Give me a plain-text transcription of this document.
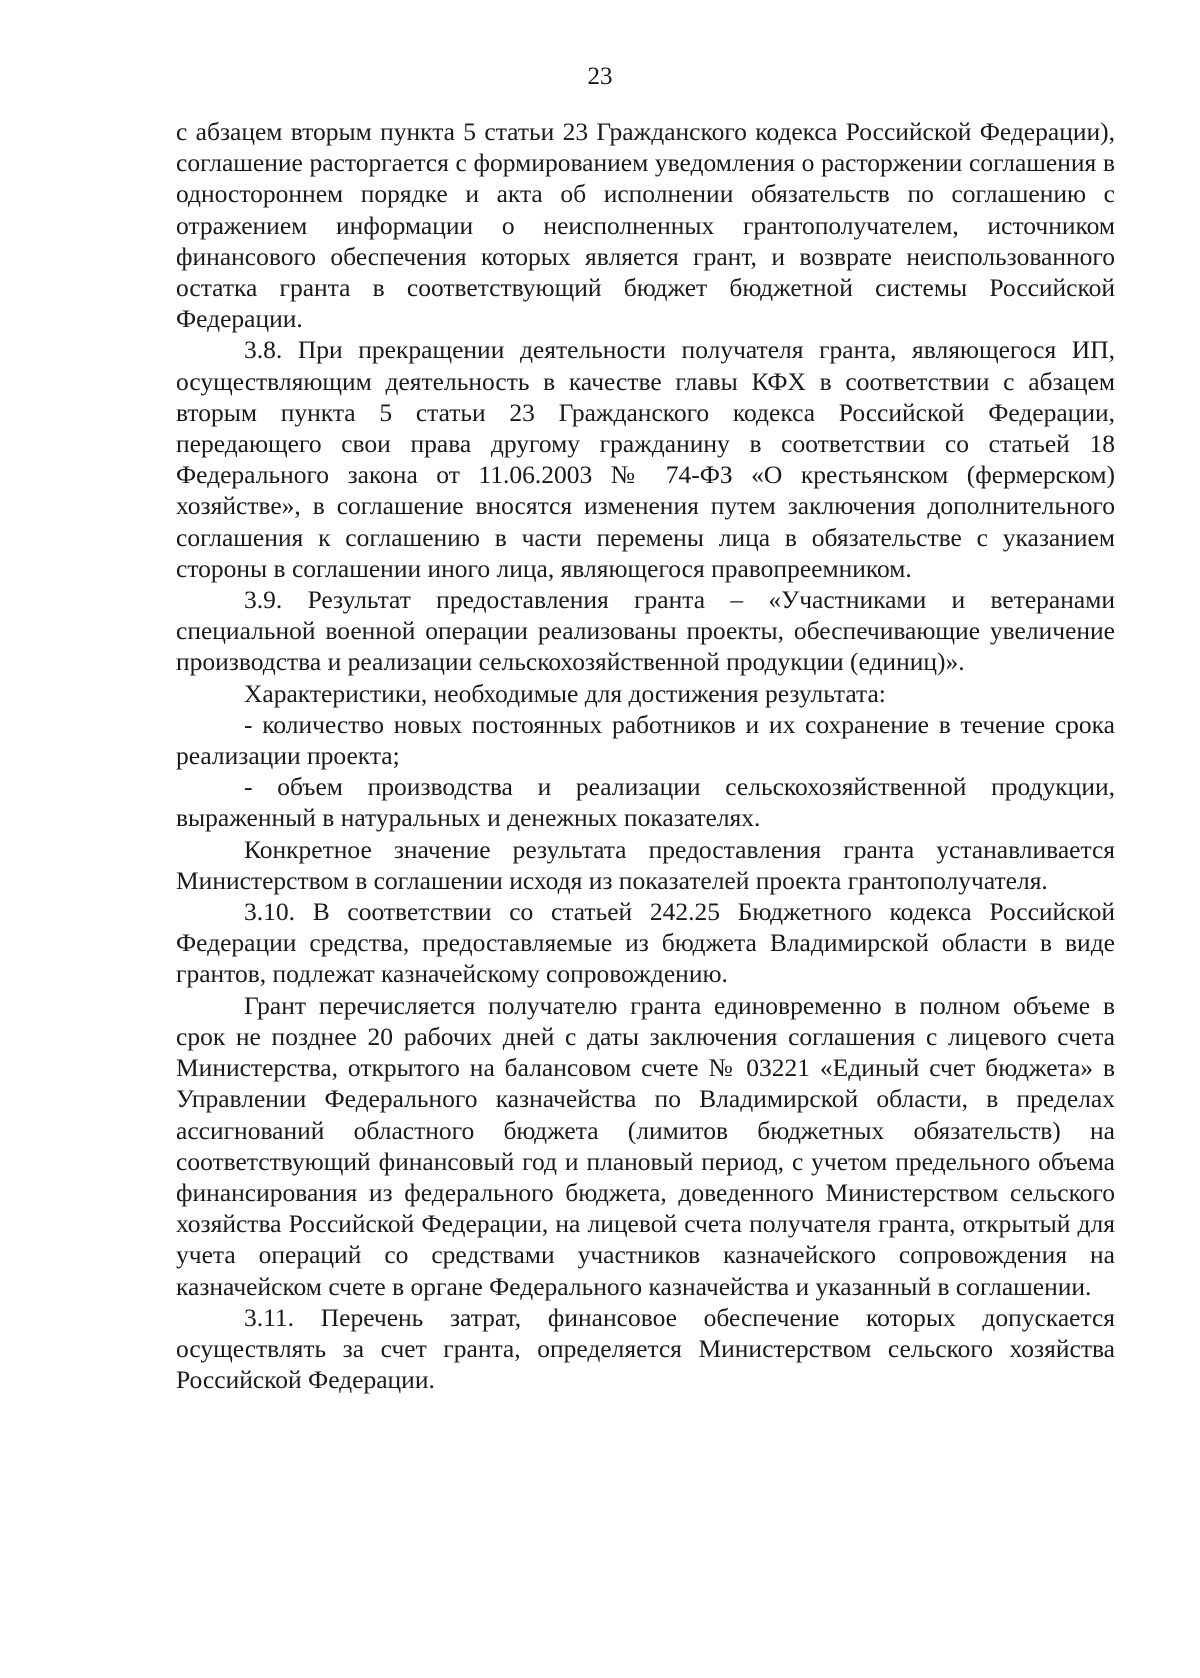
23

с абзацем вторым пункта 5 статьи 23 Гражданского кодекса Российской Федерации), соглашение расторгается с формированием уведомления о расторжении соглашения в одностороннем порядке и акта об исполнении обязательств по соглашению с отражением информации о неисполненных грантополучателем, источником финансового обеспечения которых является грант, и возврате неиспользованного остатка гранта в соответствующий бюджет бюджетной системы Российской Федерации.

3.8. При прекращении деятельности получателя гранта, являющегося ИП, осуществляющим деятельность в качестве главы КФХ в соответствии с абзацем вторым пункта 5 статьи 23 Гражданского кодекса Российской Федерации, передающего свои права другому гражданину в соответствии со статьей 18 Федерального закона от 11.06.2003 № 74-ФЗ «О крестьянском (фермерском) хозяйстве», в соглашение вносятся изменения путем заключения дополнительного соглашения к соглашению в части перемены лица в обязательстве с указанием стороны в соглашении иного лица, являющегося правопреемником.

3.9. Результат предоставления гранта – «Участниками и ветеранами специальной военной операции реализованы проекты, обеспечивающие увеличение производства и реализации сельскохозяйственной продукции (единиц)».

Характеристики, необходимые для достижения результата:

- количество новых постоянных работников и их сохранение в течение срока реализации проекта;

- объем производства и реализации сельскохозяйственной продукции, выраженный в натуральных и денежных показателях.

Конкретное значение результата предоставления гранта устанавливается Министерством в соглашении исходя из показателей проекта грантополучателя.

3.10. В соответствии со статьей 242.25 Бюджетного кодекса Российской Федерации средства, предоставляемые из бюджета Владимирской области в виде грантов, подлежат казначейскому сопровождению.

Грант перечисляется получателю гранта единовременно в полном объеме в срок не позднее 20 рабочих дней с даты заключения соглашения с лицевого счета Министерства, открытого на балансовом счете № 03221 «Единый счет бюджета» в Управлении Федерального казначейства по Владимирской области, в пределах ассигнований областного бюджета (лимитов бюджетных обязательств) на соответствующий финансовый год и плановый период, с учетом предельного объема финансирования из федерального бюджета, доведенного Министерством сельского хозяйства Российской Федерации, на лицевой счета получателя гранта, открытый для учета операций со средствами участников казначейского сопровождения на казначейском счете в органе Федерального казначейства и указанный в соглашении.

3.11. Перечень затрат, финансовое обеспечение которых допускается осуществлять за счет гранта, определяется Министерством сельского хозяйства Российской Федерации.
